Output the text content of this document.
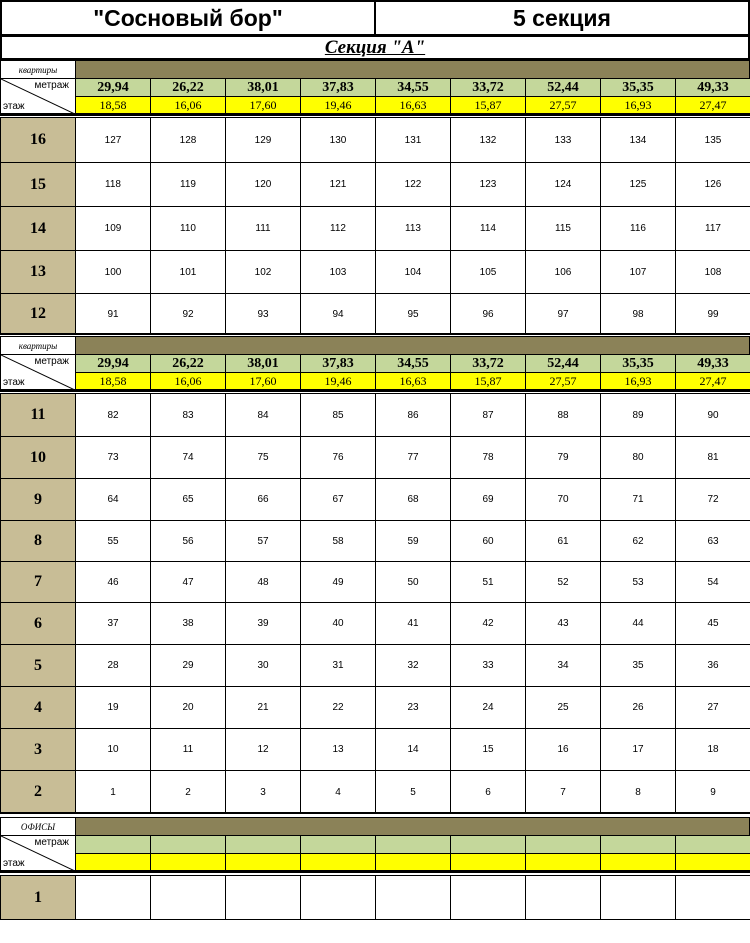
"Сосновый бор"	5 секция
Секция "А"
квартиры
метраж
этаж
29,94	26,22	38,01	37,83	34,55	33,72	52,44	35,35	49,33
18,58	16,06	17,60	19,46	16,63	15,87	27,57	16,93	27,47
16	127	128	129	130	131	132	133	134	135
15	118	119	120	121	122	123	124	125	126
14	109	110	111	112	113	114	115	116	117
13	100	101	102	103	104	105	106	107	108
12	91	92	93	94	95	96	97	98	99
квартиры
метраж
этаж
29,94	26,22	38,01	37,83	34,55	33,72	52,44	35,35	49,33
18,58	16,06	17,60	19,46	16,63	15,87	27,57	16,93	27,47
11	82	83	84	85	86	87	88	89	90
10	73	74	75	76	77	78	79	80	81
9	64	65	66	67	68	69	70	71	72
8	55	56	57	58	59	60	61	62	63
7	46	47	48	49	50	51	52	53	54
6	37	38	39	40	41	42	43	44	45
5	28	29	30	31	32	33	34	35	36
4	19	20	21	22	23	24	25	26	27
3	10	11	12	13	14	15	16	17	18
2	1	2	3	4	5	6	7	8	9
ОФИСЫ
метраж
этаж
1
